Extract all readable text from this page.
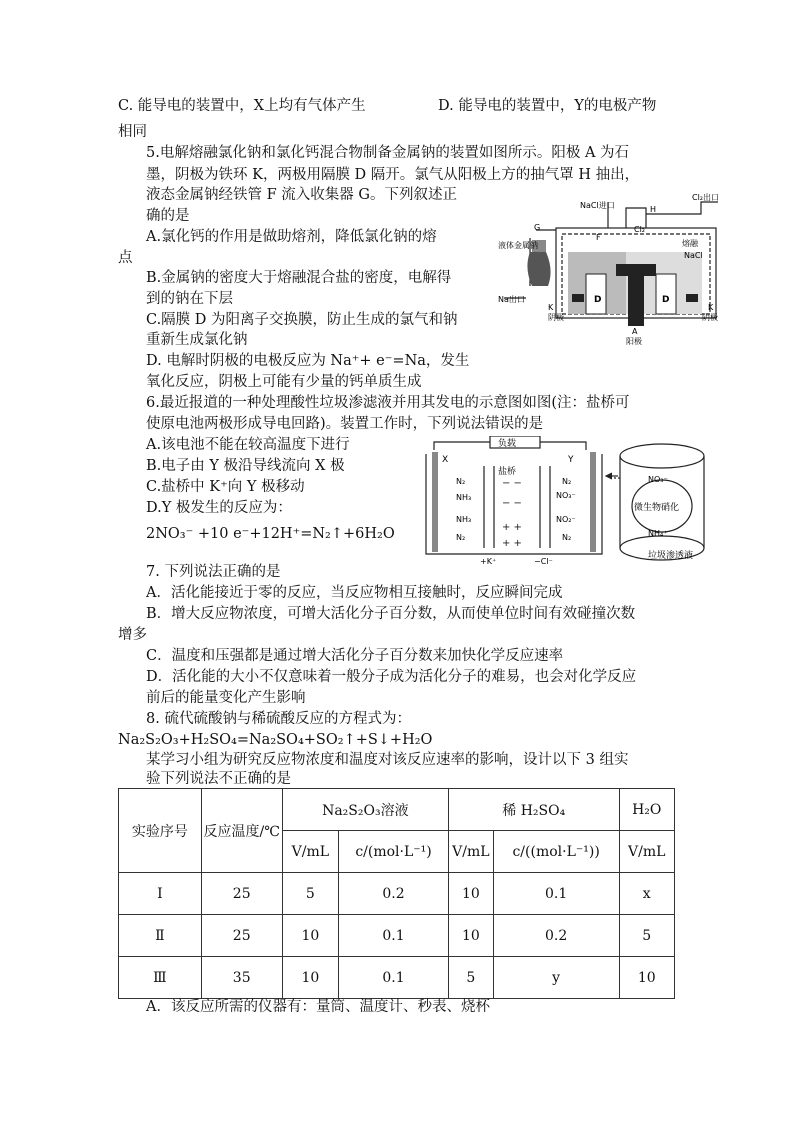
C. 能导电的装置中，X上均有气体产生	D. 能导电的装置中，Y的电极产物
相同
5.电解熔融氯化钠和氯化钙混合物制备金属钠的装置如图所示。阳极 A 为石
墨，阴极为铁环 K，两极用隔膜 D 隔开。氯气从阳极上方的抽气罩 H 抽出，
液态金属钠经铁管 F 流入收集器 G。下列叙述正
确的是
A.氯化钙的作用是做助熔剂，降低氯化钠的熔
点
B.金属钠的密度大于熔融混合盐的密度，电解得
到的钠在下层
C.隔膜 D 为阳离子交换膜，防止生成的氯气和钠
重新生成氯化钠
D. 电解时阴极的电极反应为 Na⁺+ e⁻=Na，发生
氧化反应，阴极上可能有少量的钙单质生成
NaCl进口
Cl₂出口
H
Cl₂
G
F
液体金属钠	熔融
NaCl
Na出口
K	K
D	D
A
阴极	阴极
阳极
6.最近报道的一种处理酸性垃圾渗滤液并用其发电的示意图如图(注：盐桥可
使原电池两极形成导电回路)。装置工作时，下列说法错误的是
A.该电池不能在较高温度下进行
B.电子由 Y 极沿导线流向 X 极
C.盐桥中 K⁺向 Y 极移动
D.Y 极发生的反应为：
2NO₃⁻ +10 e⁻+12H⁺=N₂↑+6H₂O
负载
X	Y
盐桥
N₂
NH₃
NH₃
N₂
N₂
NO₃⁻
NO₂⁻
N₂
− −
− −
+ +
+ +
+K⁺	−Cl⁻
NO₃⁻
微生物硝化
NH₄⁺
垃圾渗透液
7. 下列说法正确的是
A．活化能接近于零的反应，当反应物相互接触时，反应瞬间完成
B．增大反应物浓度，可增大活化分子百分数，从而使单位时间有效碰撞次数
增多
C．温度和压强都是通过增大活化分子百分数来加快化学反应速率
D．活化能的大小不仅意味着一般分子成为活化分子的难易，也会对化学反应
前后的能量变化产生影响
8. 硫代硫酸钠与稀硫酸反应的方程式为：
Na₂S₂O₃+H₂SO₄=Na₂SO₄+SO₂↑+S↓+H₂O
某学习小组为研究反应物浓度和温度对该反应速率的影响，设计以下 3 组实
验下列说法不正确的是
实验序号	反应温度/℃	Na₂S₂O₃溶液		稀 H₂SO₄		H₂O
		V/mL	c/(mol·L⁻¹)	V/mL	c/((mol·L⁻¹))	V/mL
Ⅰ	25	5	0.2	10	0.1	x
Ⅱ	25	10	0.1	10	0.2	5
Ⅲ	35	10	0.1	5	y	10
A．该反应所需的仪器有：量筒、温度计、秒表、烧杯
